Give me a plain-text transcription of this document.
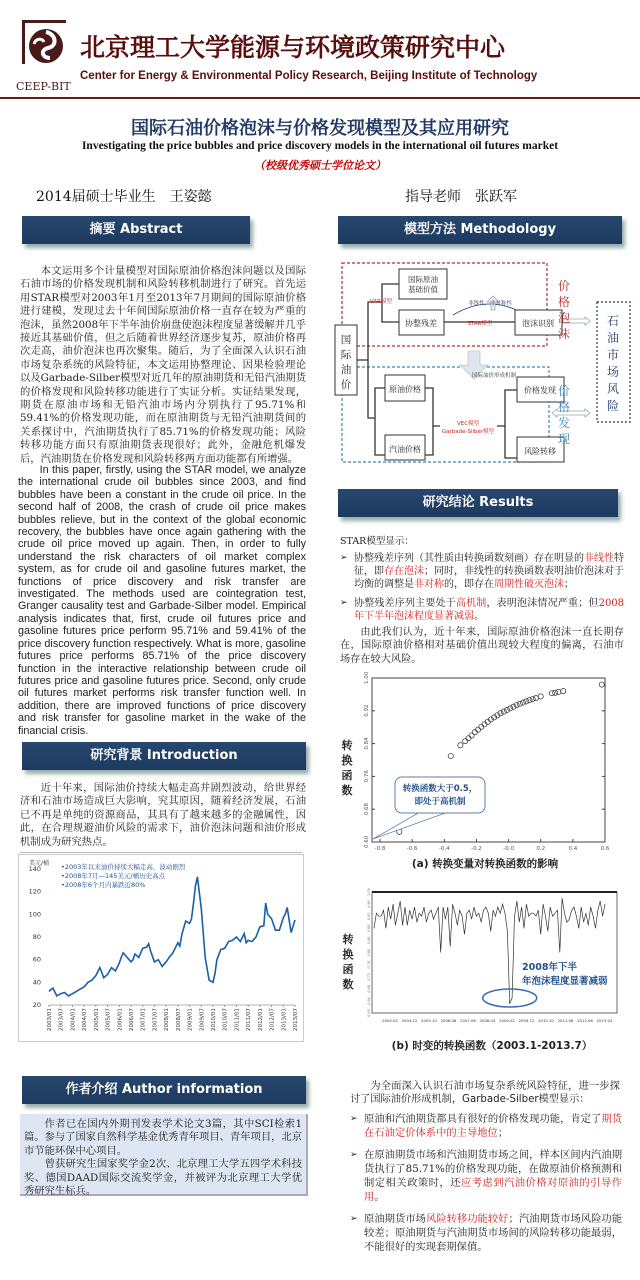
CEEP-BIT
北京理工大学能源与环境政策研究中心
Center for Energy & Environmental Policy Research, Beijing Institute of Technology
国际石油价格泡沫与价格发现模型及其应用研究
Investigating the price bubbles and price discovery models in the international oil futures market
（校级优秀硕士学位论文）
2014届硕士毕业生　王姿懿	指导老师　张跃军
摘要 Abstract
本文运用多个计量模型对国际原油价格泡沫问题以及国际石油市场的价格发现机制和风险转移机制进行了研究。首先运用STAR模型对2003年1月至2013年7月期间的国际原油价格进行建模，发现过去十年间国际原油价格一直存在较为严重的泡沫，虽然2008年下半年油价崩盘使泡沫程度显著缓解并几乎接近其基础价值，但之后随着世界经济逐步复苏，原油价格再次走高，油价泡沫也再次聚集。随后，为了全面深入认识石油市场复杂系统的风险特征，本文运用协整理论、因果检验理论以及Garbade-Silber模型对近几年的原油期货和无铅汽油期货的价格发现和风险转移功能进行了实证分析。实证结果发现，期货在原油市场和无铅汽油市场内分别执行了95.71%和59.41%的价格发现功能，而在原油期货与无铅汽油期货间的关系探讨中，汽油期货执行了85.71%的价格发现功能；风险转移功能方面只有原油期货表现很好；此外，金融危机爆发后，汽油期货在价格发现和风险转移两方面功能都有所增强。
In this paper, firstly, using the STAR model, we analyze the international crude oil bubbles since 2003, and find bubbles have been a constant in the crude oil price. In the second half of 2008, the crash of crude oil price makes bubbles relieve, but in the context of the global economic recovery, the bubbles have once again gathering with the crude oil price moved up again. Then, in order to fully understand the risk characters of oil market complex system, as for crude oil and gasoline futures market, the functions of price discovery and risk transfer are investigated. The methods used are cointegration test, Granger causality test and Garbade-Silber model. Empirical analysis indicates that, first, crude oil futures price and gasoline futures price perform 95.71% and 59.41% of the price discovery function respectively. What is more, gasoline futures price performs 85.71% of the price discovery function in the interactive relationship between crude oil futures price and gasoline futures price. Second, only crude oil futures market performs risk transfer function well. In addition, there are improved functions of price discovery and risk transfer for gasoline market in the wake of the financial crisis.
研究背景 Introduction
近十年来，国际油价持续大幅走高并剧烈波动，给世界经济和石油市场造成巨大影响，究其原因，随着经济发展，石油已不再是单纯的资源商品，其具有了越来越多的金融属性，因此，在合理规避油价风险的需求下，油价泡沫问题和油价形成机制成为研究热点。
美元/桶
20
40
60
80
100
120
140
2003/01 2003/07 2004/01 2004/07 2005/01 2005/07 2006/01 2006/07 2007/01 2007/07 2008/01 2008/07 2009/01 2009/07 2010/01 2010/07 2011/01 2011/07 2012/01 2012/07 2013/01 2013/07
•2003年以来油价持续大幅走高，波动剧烈
•2008年7月—145美元/桶历史高点
•2008年6个月内暴跌近80%
作者介绍 Author information
作者已在国内外期刊发表学术论文3篇，其中SCI检索1篇。参与了国家自然科学基金优秀青年项目、青年项目，北京市节能环保中心项目。
曾获研究生国家奖学金2次、北京理工大学五四学术科技奖、德国DAAD国际交流奖学金，并被评为北京理工大学优秀研究生标兵。
模型方法 Methodology
VAR模型
国际原油基础价值
协整残差
非线性、非对称性
STAR模型	泡沫识别
国际油价形成机制
原油价格
汽油价格
VEC模型
Garbade-Silber模型
价格发现
风险转移
国
际
油
价
价
格
泡
沫
价
格
发
现
石
油
市
场
风
险
研究结论 Results
STAR模型显示：
➢ 协整残差序列（其性质由转换函数刻画）存在明显的非线性特征，即存在泡沫；同时，非线性的转换函数表明油价泡沫对于均衡的调整是非对称的，即存在周期性破灭泡沫；
➢ 协整残差序列主要处于高机制，表明泡沫情况严重；但2008年下半年泡沫程度显著减弱。
由此我们认为，近十年来，国际原油价格泡沫一直长期存在，国际原油价格相对基础价值出现较大程度的偏离，石油市场存在较大风险。
转换函数
0.60
0.68
0.76
0.84
0.92
1.00
-0.8	-0.6	-0.4	-0.2	-0.0	0.2	0.4	0.6
转换函数大于0.5，
即处于高机制
(a) 转换变量对转换函数的影响
转换函数
0.60
0.64
0.68
0.72
0.76
0.80
0.84
0.88
0.92
0.96
1.00
2004.02 2004.12 2005.10 2006.08 2007.06 2008.04 2009.02 2009.12 2010.10 2011.08 2012.06 2013.04
2008年下半
年泡沫程度显著减弱
(b) 时变的转换函数（2003.1-2013.7）
为全面深入认识石油市场复杂系统风险特征，进一步探讨了国际油价形成机制，Garbade-Silber模型显示：
➢ 原油和汽油期货都具有很好的价格发现功能，肯定了期货在石油定价体系中的主导地位；
➢ 在原油期货市场和汽油期货市场之间，样本区间内汽油期货执行了85.71%的价格发现功能，在做原油价格预测和制定相关政策时，还应考虑到汽油价格对原油的引导作用。
➢ 原油期货市场风险转移功能较好；汽油期货市场风险功能较差；原油期货与汽油期货市场间的风险转移功能最弱，不能很好的实现套期保值。
